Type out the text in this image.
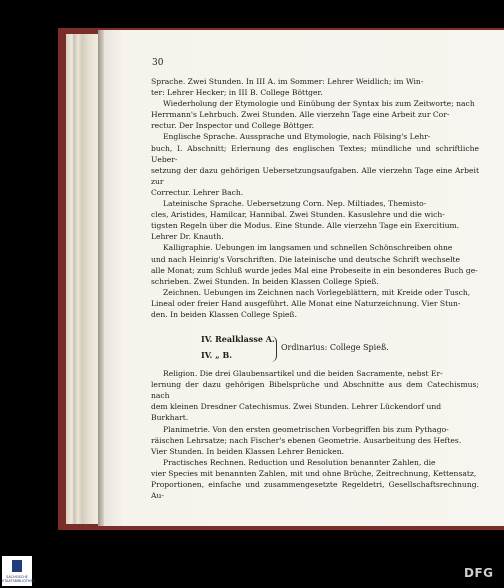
30

Sprache. Zwei Stunden. In III A. im Sommer: Lehrer Weidlich; im Win-

ter: Lehrer Hecker; in III B. College Böttger.

Wiederholung der Etymologie und Einübung der Syntax bis zum Zeitworte; nach

Herrmann's Lehrbuch. Zwei Stunden. Alle vierzehn Tage eine Arbeit zur Cor-

rectur. Der Inspector und College Böttger.

Englische Sprache. Aussprache und Etymologie, nach Fölsing's Lehr-

buch, I. Abschnitt; Erlernung des englischen Textes; mündliche und schriftliche Ueber-

setzung der dazu gehörigen Uebersetzungsaufgaben. Alle vierzehn Tage eine Arbeit zur

Correctur. Lehrer Bach.

Lateinische Sprache. Uebersetzung Corn. Nep. Miltiades, Themisto-

cles, Aristides, Hamilcar, Hannibal. Zwei Stunden. Kasuslehre und die wich-

tigsten Regeln über die Modus. Eine Stunde. Alle vierzehn Tage ein Exercitium.

Lehrer Dr. Knauth.

Kalligraphie. Uebungen im langsamen und schnellen Schönschreiben ohne

und nach Heinrig's Vorschriften. Die lateinische und deutsche Schrift wechselte

alle Monat; zum Schluß wurde jedes Mal eine Probeseite in ein besonderes Buch ge-

schrieben. Zwei Stunden. In beiden Klassen College Spieß.

Zeichnen. Uebungen im Zeichnen nach Vorlegeblättern, mit Kreide oder Tusch,

Lineal oder freier Hand ausgeführt. Alle Monat eine Naturzeichnung. Vier Stun-

den. In beiden Klassen College Spieß.

IV. Realklasse A.
IV. „ B.
Ordinarius: College Spieß.

Religion. Die drei Glaubensartikel und die beiden Sacramente, nebst Er-

lernung der dazu gehörigen Bibelsprüche und Abschnitte aus dem Catechismus; nach

dem kleinen Dresdner Catechismus. Zwei Stunden. Lehrer Lückendorf und

Burkhart.

Planimetrie. Von den ersten geometrischen Vorbegriffen bis zum Pythago-

räischen Lehrsatze; nach Fischer's ebenen Geometrie. Ausarbeitung des Heftes.

Vier Stunden. In beiden Klassen Lehrer Benicken.

Practisches Rechnen. Reduction und Resolution benannter Zahlen, die

vier Species mit benannten Zahlen, mit und ohne Brüche, Zeitrechnung, Kettensatz,

Proportionen, einfache und zusammengesetzte Regeldetri, Gesellschaftsrechnung. Au-

SÄCHSISCHE STAATSBIBLIOTHEK
DFG
